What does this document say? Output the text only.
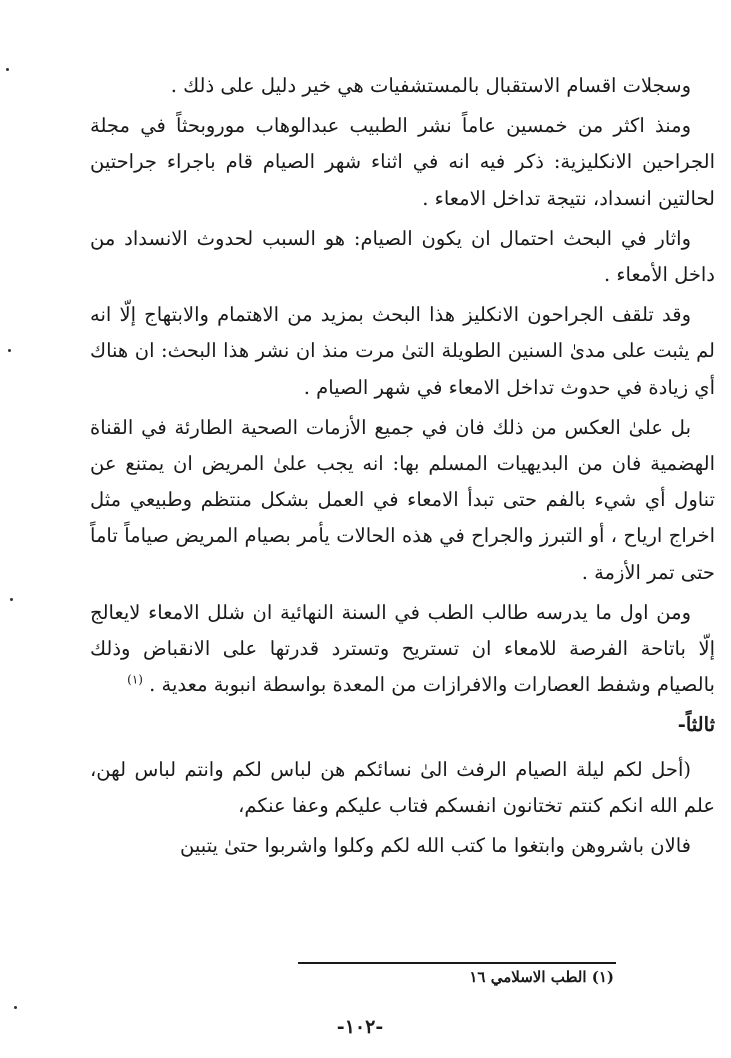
وسجلات اقسام الاستقبال بالمستشفيات هي خير دليل على ذلك .

ومنذ اكثر من خمسين عاماً نشر الطبيب عبدالوهاب موروبحثاً في مجلة الجراحين الانكليزية: ذكر فيه انه في اثناء شهر الصيام قام باجراء جراحتين لحالتين انسداد، نتيجة تداخل الامعاء .

واثار في البحث احتمال ان يكون الصيام: هو السبب لحدوث الانسداد من داخل الأمعاء .

وقد تلقف الجراحون الانكليز هذا البحث بمزيد من الاهتمام والابتهاج إلّا انه لم يثبت على مدىٰ السنين الطويلة التىٰ مرت منذ ان نشر هذا البحث: ان هناك أي زيادة في حدوث تداخل الامعاء في شهر الصيام .

بل علىٰ العكس من ذلك فان في جميع الأزمات الصحية الطارئة في القناة الهضمية فان من البديهيات المسلم بها: انه يجب علىٰ المريض ان يمتنع عن تناول أي شيء بالفم حتى تبدأ الامعاء في العمل بشكل منتظم وطبيعي مثل اخراج ارياح ، أو التبرز والجراح في هذه الحالات يأمر بصيام المريض صياماً تاماً حتى تمر الأزمة .

ومن اول ما يدرسه طالب الطب في السنة النهائية ان شلل الامعاء لايعالج إلّا باتاحة الفرصة للامعاء ان تستريح وتسترد قدرتها على الانقباض وذلك بالصيام وشفط العصارات والافرازات من المعدة بواسطة انبوبة معدية . $^{(١)}$

ثالثاً-

(أحل لكم ليلة الصيام الرفث الىٰ نسائكم هن لباس لكم وانتم لباس لهن، علم الله انكم كنتم تختانون انفسكم فتاب عليكم وعفا عنكم،

فالان باشروهن وابتغوا ما كتب الله لكم وكلوا واشربوا حتىٰ يتبين

(١) الطب الاسلامي ١٦
-١٠٢-
